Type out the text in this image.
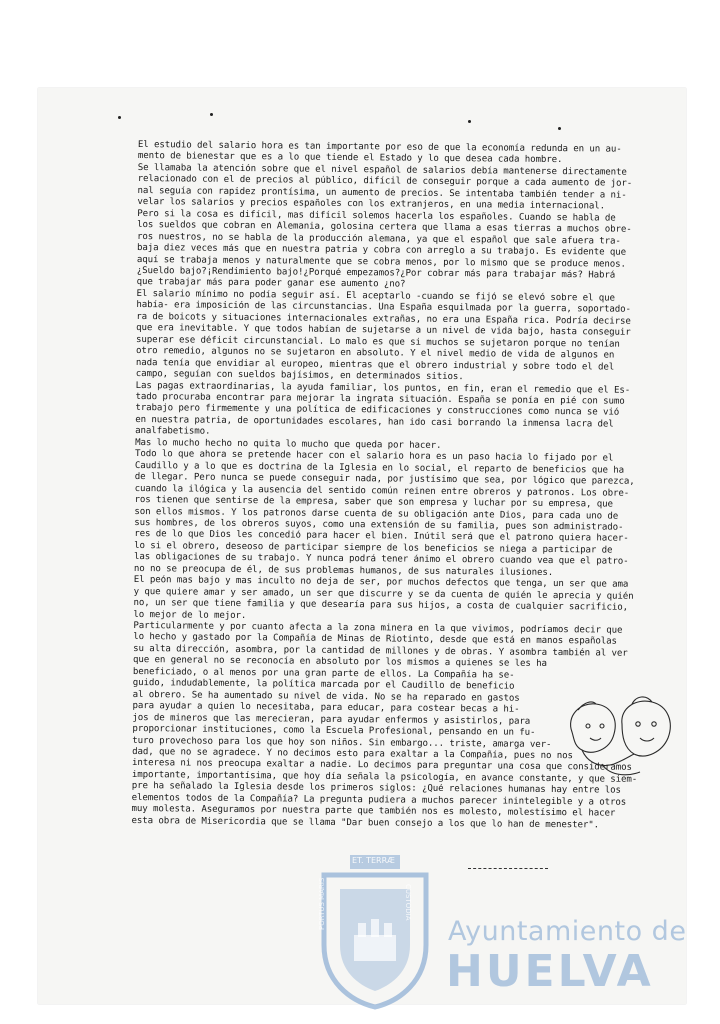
El estudio del salario hora es tan importante por eso de que la economía redunda en un au-

mento de bienestar que es a lo que tiende el Estado y lo que desea cada hombre.

Se llamaba la atención sobre que el nivel español de salarios debía mantenerse directamente

relacionado con el de precios al público, difícil de conseguir porque a cada aumento de jor-

nal seguía con rapidez prontísima, un aumento de precios. Se intentaba también tender a ni-

velar los salarios y precios españoles con los extranjeros, en una media internacional.

Pero si la cosa es difícil, mas difícil solemos hacerla los españoles. Cuando se habla de

los sueldos que cobran en Alemania, golosina certera que llama a esas tierras a muchos obre-

ros nuestros, no se habla de la producción alemana, ya que el español que sale afuera tra-

baja diez veces más que en nuestra patria y cobra con arreglo a su trabajo. Es evidente que

aquí se trabaja menos y naturalmente que se cobra menos, por lo mismo que se produce menos.

¿Sueldo bajo?¡Rendimiento bajo!¿Porqué empezamos?¿Por cobrar más para trabajar más? Habrá

que trabajar más para poder ganar ese aumento ¿no?

El salario mínimo no podía seguir así. El aceptarlo -cuando se fijó se elevó sobre el que

había- era imposición de las circunstancias. Una España esquilmada por la guerra, soportado-

ra de boicots y situaciones internacionales extrañas, no era una España rica. Podría decirse

que era inevitable. Y que todos habían de sujetarse a un nivel de vida bajo, hasta conseguir

superar ese déficit circunstancial. Lo malo es que si muchos se sujetaron porque no tenían

otro remedio, algunos no se sujetaron en absoluto. Y el nivel medio de vida de algunos en

nada tenía que envidiar al europeo, mientras que el obrero industrial y sobre todo el del

campo, seguían con sueldos bajísimos, en determinados sitios.

Las pagas extraordinarias, la ayuda familiar, los puntos, en fin, eran el remedio que el Es-

tado procuraba encontrar para mejorar la ingrata situación. España se ponía en pié con sumo

trabajo pero firmemente y una política de edificaciones y construcciones como nunca se vió

en nuestra patria, de oportunidades escolares, han ido casi borrando la inmensa lacra del

analfabetismo.

Mas lo mucho hecho no quita lo mucho que queda por hacer.

Todo lo que ahora se pretende hacer con el salario hora es un paso hacia lo fijado por el

Caudillo y a lo que es doctrina de la Iglesia en lo social, el reparto de beneficios que ha

de llegar. Pero nunca se puede conseguir nada, por justísimo que sea, por lógico que parezca,

cuando la ilógica y la ausencia del sentido común reinen entre obreros y patronos. Los obre-

ros tienen que sentirse de la empresa, saber que son empresa y luchar por su empresa, que

son ellos mismos. Y los patronos darse cuenta de su obligación ante Dios, para cada uno de

sus hombres, de los obreros suyos, como una extensión de su familia, pues son administrado-

res de lo que Dios les concedió para hacer el bien. Inútil será que el patrono quiera hacer-

lo si el obrero, deseoso de participar siempre de los beneficios se niega a participar de

las obligaciones de su trabajo. Y nunca podrá tener ánimo el obrero cuando vea que el patro-

no no se preocupa de él, de sus problemas humanos, de sus naturales ilusiones.

El peón mas bajo y mas inculto no deja de ser, por muchos defectos que tenga, un ser que ama

y que quiere amar y ser amado, un ser que discurre y se da cuenta de quién le aprecia y quién

no, un ser que tiene familia y que desearía para sus hijos, a costa de cualquier sacrificio,

lo mejor de lo mejor.

Particularmente y por cuanto afecta a la zona minera en la que vivimos, podríamos decir que

lo hecho y gastado por la Compañía de Minas de Riotinto, desde que está en manos españolas

su alta dirección, asombra, por la cantidad de millones y de obras. Y asombra también al ver

que en general no se reconocía en absoluto por los mismos a quienes se les ha

beneficiado, o al menos por una gran parte de ellos. La Compañía ha se-

guido, indudablemente, la política marcada por el Caudillo de beneficio

al obrero. Se ha aumentado su nivel de vida. No se ha reparado en gastos

para ayudar a quien lo necesitaba, para educar, para costear becas a hi-

jos de mineros que las merecieran, para ayudar enfermos y asistirlos, para

proporcionar instituciones, como la Escuela Profesional, pensando en un fu-

turo provechoso para los que hoy son niños. Sin embargo... triste, amarga ver-

dad, que no se agradece. Y no decimos esto para exaltar a la Compañía, pues no nos

interesa ni nos preocupa exaltar a nadie. Lo decimos para preguntar una cosa que consideramos

importante, importantísima, que hoy día señala la psicología, en avance constante, y que siem-

pre ha señalado la Iglesia desde los primeros siglos: ¿Qué relaciones humanas hay entre los

elementos todos de la Compañía? La pregunta pudiera a muchos parecer inintelegible y a otros

muy molesta. Aseguramos por nuestra parte que también nos es molesto, molestísimo el hacer

esta obra de Misericordia que se llama "Dar buen consejo a los que lo han de menester".

ET. TERRÆ
PORTUS MARIS	CUSTODIA
Ayuntamiento de
HUELVA
